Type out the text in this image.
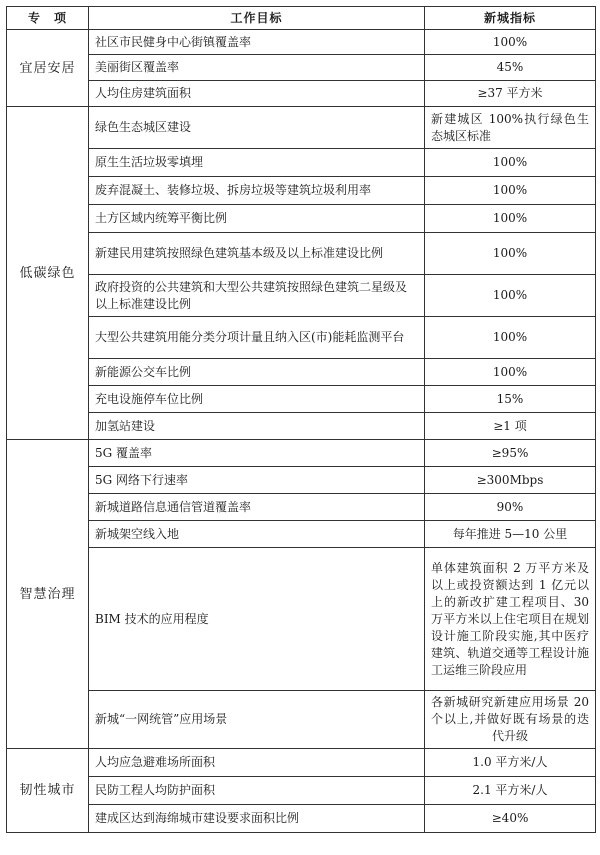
专　项	工作目标	新城指标
宜居安居	社区市民健身中心街镇覆盖率	100%
	美丽街区覆盖率	45%
	人均住房建筑面积	≥37 平方米
低碳绿色	绿色生态城区建设	新建城区 100%执行绿色生态城区标准
	原生生活垃圾零填埋	100%
	废弃混凝土、装修垃圾、拆房垃圾等建筑垃圾利用率	100%
	土方区域内统筹平衡比例	100%
	新建民用建筑按照绿色建筑基本级及以上标准建设比例	100%
	政府投资的公共建筑和大型公共建筑按照绿色建筑二星级及以上标准建设比例	100%
	大型公共建筑用能分类分项计量且纳入区(市)能耗监测平台	100%
	新能源公交车比例	100%
	充电设施停车位比例	15%
	加氢站建设	≥1 项
智慧治理	5G 覆盖率	≥95%
	5G 网络下行速率	≥300Mbps
	新城道路信息通信管道覆盖率	90%
	新城架空线入地	每年推进 5—10 公里
	BIM 技术的应用程度	单体建筑面积 2 万平方米及以上或投资额达到 1 亿元以上的新改扩建工程项目、30 万平方米以上住宅项目在规划设计施工阶段实施,其中医疗建筑、轨道交通等工程设计施工运维三阶段应用
	新城“一网统管”应用场景	各新城研究新建应用场景 20 个以上,并做好既有场景的迭代升级
韧性城市	人均应急避难场所面积	1.0 平方米/人
	民防工程人均防护面积	2.1 平方米/人
	建成区达到海绵城市建设要求面积比例	≥40%
